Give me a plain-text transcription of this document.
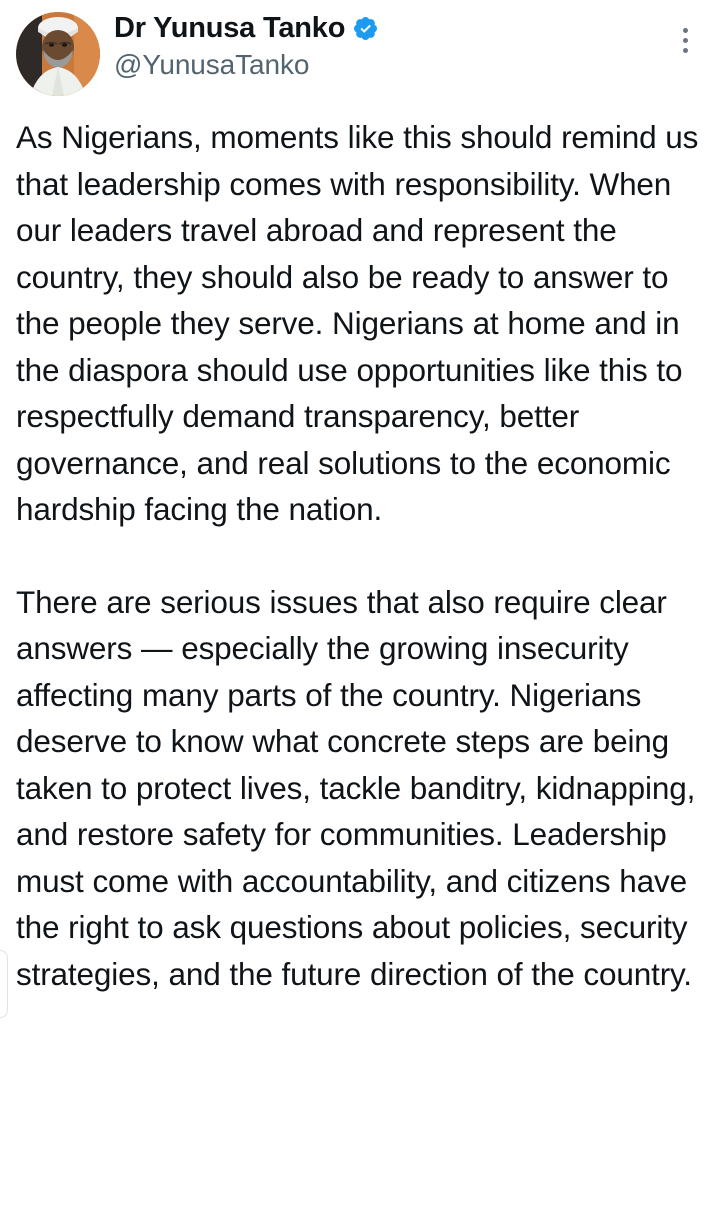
Dr Yunusa Tanko
@YunusaTanko

As Nigerians, moments like this should remind us that leadership comes with responsibility. When our leaders travel abroad and represent the country, they should also be ready to answer to the people they serve. Nigerians at home and in the diaspora should use opportunities like this to respectfully demand transparency, better governance, and real solutions to the economic hardship facing the nation.

There are serious issues that also require clear answers — especially the growing insecurity affecting many parts of the country. Nigerians deserve to know what concrete steps are being taken to protect lives, tackle banditry, kidnapping, and restore safety for communities. Leadership must come with accountability, and citizens have the right to ask questions about policies, security strategies, and the future direction of the country.
